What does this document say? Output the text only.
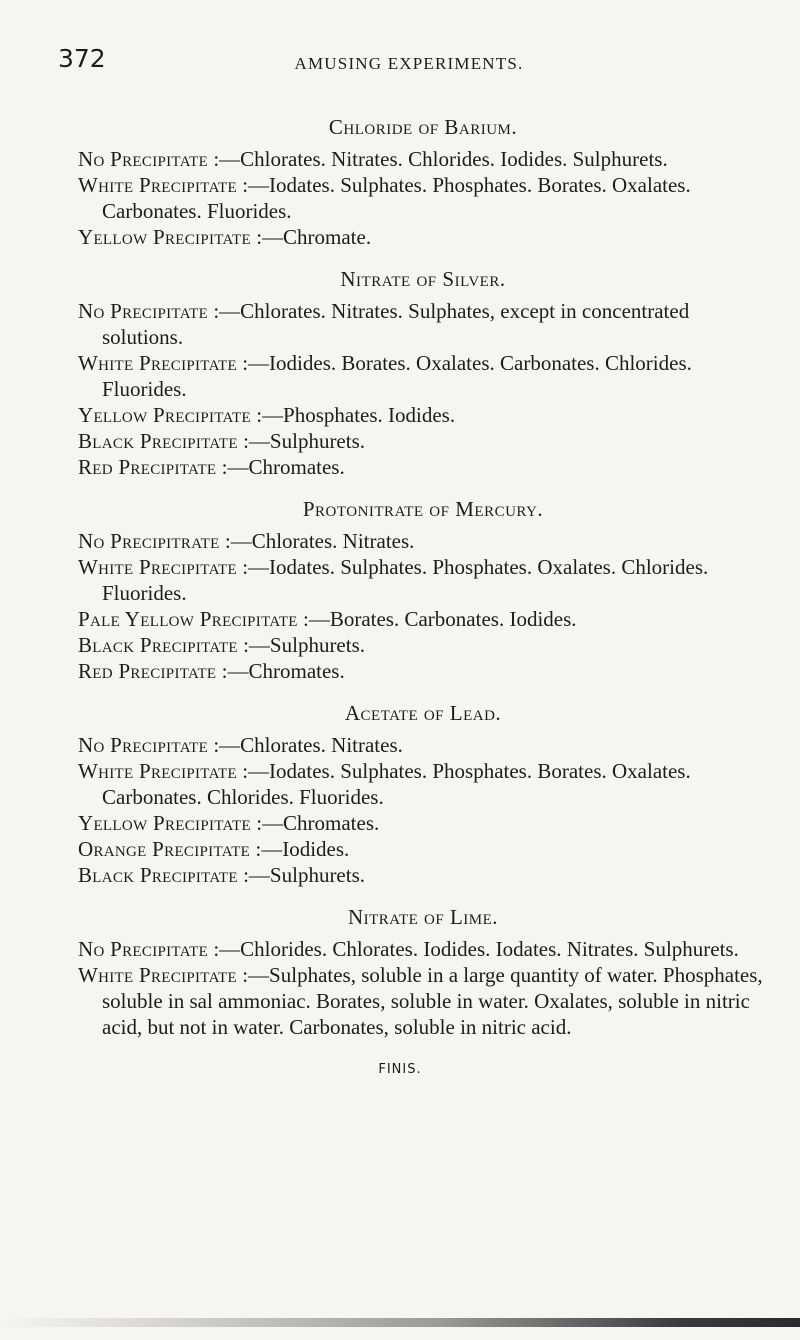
372	AMUSING EXPERIMENTS.
Chloride of Barium.

No Precipitate :—Chlorates. Nitrates. Chlorides. Iodides. Sulphurets.

White Precipitate :—Iodates. Sulphates. Phosphates. Borates. Oxalates. Carbonates. Fluorides.

Yellow Precipitate :—Chromate.

Nitrate of Silver.

No Precipitate :—Chlorates. Nitrates. Sulphates, except in concentrated solutions.

White Precipitate :—Iodides. Borates. Oxalates. Carbonates. Chlorides. Fluorides.

Yellow Precipitate :—Phosphates. Iodides.

Black Precipitate :—Sulphurets.

Red Precipitate :—Chromates.

Protonitrate of Mercury.

No Precipitrate :—Chlorates. Nitrates.

White Precipitate :—Iodates. Sulphates. Phosphates. Oxalates. Chlorides. Fluorides.

Pale Yellow Precipitate :—Borates. Carbonates. Iodides.

Black Precipitate :—Sulphurets.

Red Precipitate :—Chromates.

Acetate of Lead.

No Precipitate :—Chlorates. Nitrates.

White Precipitate :—Iodates. Sulphates. Phosphates. Borates. Oxalates. Carbonates. Chlorides. Fluorides.

Yellow Precipitate :—Chromates.

Orange Precipitate :—Iodides.

Black Precipitate :—Sulphurets.

Nitrate of Lime.

No Precipitate :—Chlorides. Chlorates. Iodides. Iodates. Nitrates. Sulphurets.

White Precipitate :—Sulphates, soluble in a large quantity of water. Phosphates, soluble in sal ammoniac. Borates, soluble in water. Oxalates, soluble in nitric acid, but not in water. Carbonates, soluble in nitric acid.

FINIS.
